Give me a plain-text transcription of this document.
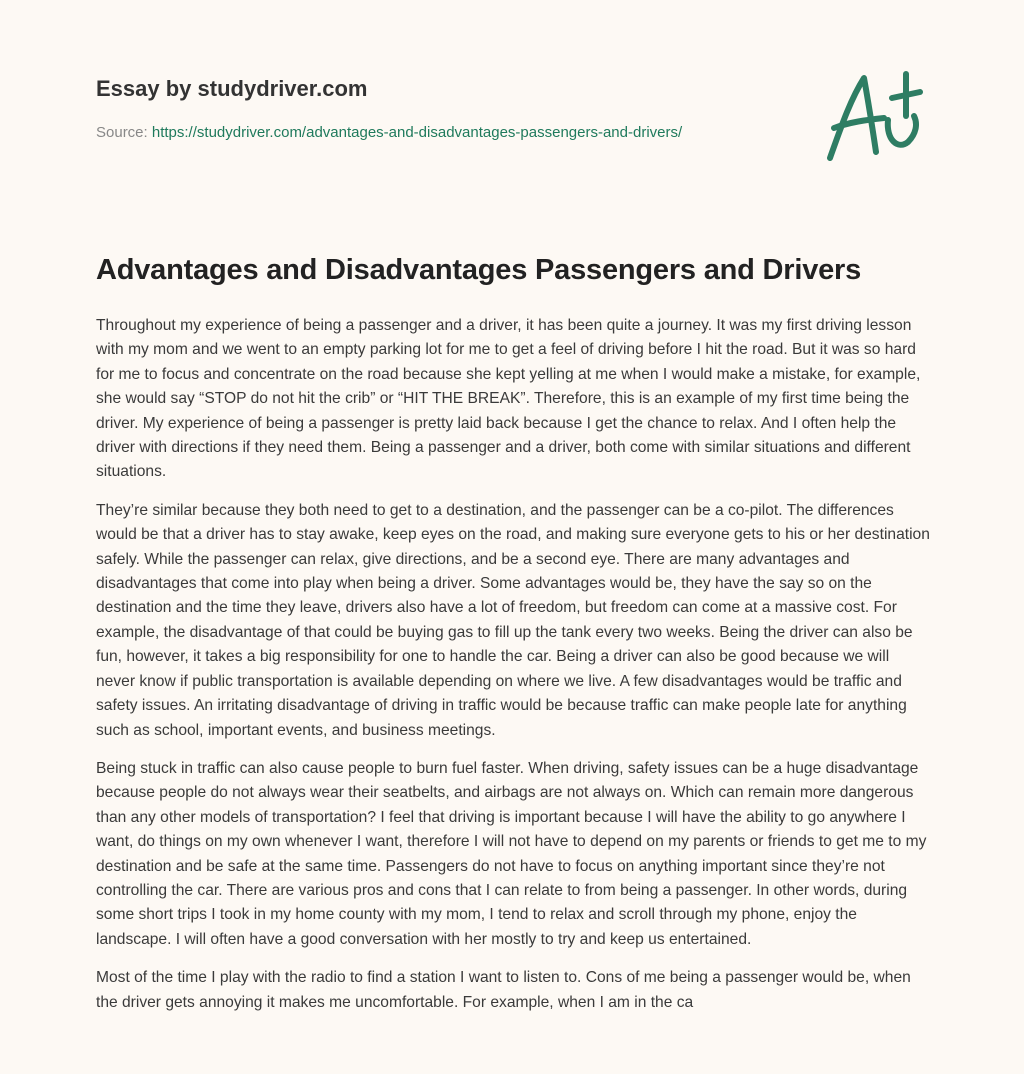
Essay by studydriver.com

Source: https://studydriver.com/advantages-and-disadvantages-passengers-and-drivers/
Advantages and Disadvantages Passengers and Drivers

Throughout my experience of being a passenger and a driver, it has been quite a journey. It was my first driving lesson with my mom and we went to an empty parking lot for me to get a feel of driving before I hit the road. But it was so hard for me to focus and concentrate on the road because she kept yelling at me when I would make a mistake, for example, she would say “STOP do not hit the crib” or “HIT THE BREAK”. Therefore, this is an example of my first time being the driver. My experience of being a passenger is pretty laid back because I get the chance to relax. And I often help the driver with directions if they need them. Being a passenger and a driver, both come with similar situations and different situations.

They’re similar because they both need to get to a destination, and the passenger can be a co-pilot. The differences would be that a driver has to stay awake, keep eyes on the road, and making sure everyone gets to his or her destination safely. While the passenger can relax, give directions, and be a second eye. There are many advantages and disadvantages that come into play when being a driver. Some advantages would be, they have the say so on the destination and the time they leave, drivers also have a lot of freedom, but freedom can come at a massive cost. For example, the disadvantage of that could be buying gas to fill up the tank every two weeks. Being the driver can also be fun, however, it takes a big responsibility for one to handle the car. Being a driver can also be good because we will never know if public transportation is available depending on where we live. A few disadvantages would be traffic and safety issues. An irritating disadvantage of driving in traffic would be because traffic can make people late for anything such as school, important events, and business meetings.

Being stuck in traffic can also cause people to burn fuel faster. When driving, safety issues can be a huge disadvantage because people do not always wear their seatbelts, and airbags are not always on. Which can remain more dangerous than any other models of transportation? I feel that driving is important because I will have the ability to go anywhere I want, do things on my own whenever I want, therefore I will not have to depend on my parents or friends to get me to my destination and be safe at the same time. Passengers do not have to focus on anything important since they’re not controlling the car. There are various pros and cons that I can relate to from being a passenger. In other words, during some short trips I took in my home county with my mom, I tend to relax and scroll through my phone, enjoy the landscape. I will often have a good conversation with her mostly to try and keep us entertained.

Most of the time I play with the radio to find a station I want to listen to. Cons of me being a passenger would be, when the driver gets annoying it makes me uncomfortable. For example, when I am in the ca
